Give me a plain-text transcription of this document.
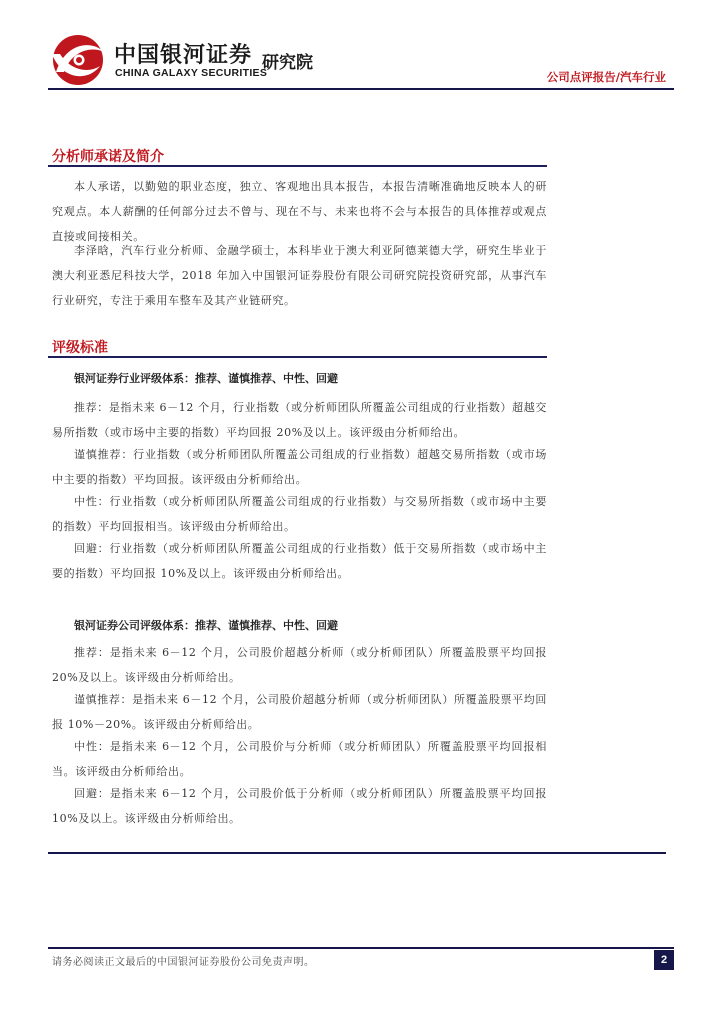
中国银河证券
CHINA GALAXY SECURITIES
研究院
公司点评报告/汽车行业
分析师承诺及简介

本人承诺，以勤勉的职业态度，独立、客观地出具本报告，本报告清晰准确地反映本人的研究观点。本人薪酬的任何部分过去不曾与、现在不与、未来也将不会与本报告的具体推荐或观点直接或间接相关。

李泽晗，汽车行业分析师、金融学硕士，本科毕业于澳大利亚阿德莱德大学，研究生毕业于澳大利亚悉尼科技大学，2018 年加入中国银河证券股份有限公司研究院投资研究部，从事汽车行业研究，专注于乘用车整车及其产业链研究。

评级标准
银河证券行业评级体系：推荐、谨慎推荐、中性、回避

推荐：是指未来 6－12 个月，行业指数（或分析师团队所覆盖公司组成的行业指数）超越交易所指数（或市场中主要的指数）平均回报 20%及以上。该评级由分析师给出。

谨慎推荐：行业指数（或分析师团队所覆盖公司组成的行业指数）超越交易所指数（或市场中主要的指数）平均回报。该评级由分析师给出。

中性：行业指数（或分析师团队所覆盖公司组成的行业指数）与交易所指数（或市场中主要的指数）平均回报相当。该评级由分析师给出。

回避：行业指数（或分析师团队所覆盖公司组成的行业指数）低于交易所指数（或市场中主要的指数）平均回报 10%及以上。该评级由分析师给出。

银河证券公司评级体系：推荐、谨慎推荐、中性、回避

推荐：是指未来 6－12 个月，公司股价超越分析师（或分析师团队）所覆盖股票平均回报 20%及以上。该评级由分析师给出。

谨慎推荐：是指未来 6－12 个月，公司股价超越分析师（或分析师团队）所覆盖股票平均回报 10%－20%。该评级由分析师给出。

中性：是指未来 6－12 个月，公司股价与分析师（或分析师团队）所覆盖股票平均回报相当。该评级由分析师给出。

回避：是指未来 6－12 个月，公司股价低于分析师（或分析师团队）所覆盖股票平均回报 10%及以上。该评级由分析师给出。

请务必阅读正文最后的中国银河证券股份公司免责声明。	2
